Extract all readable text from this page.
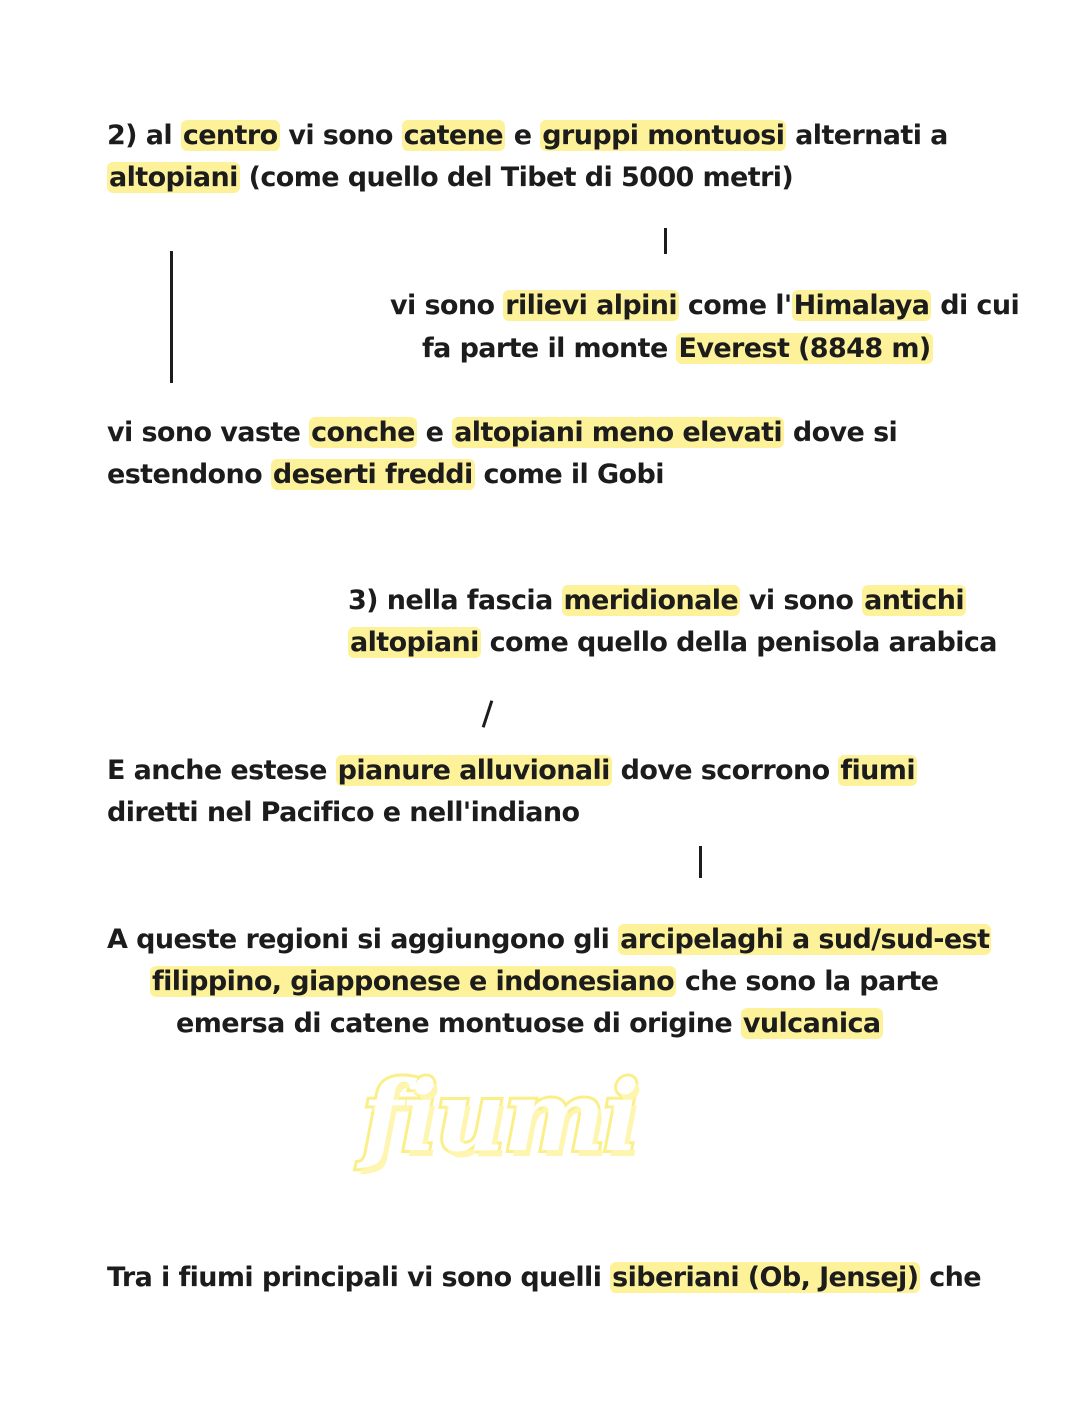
2) al centro vi sono catene e gruppi montuosi alternati a
altopiani (come quello del Tibet di 5000 metri)
vi sono rilievi alpini come l'Himalaya di cui
fa parte il monte Everest (8848 m)
vi sono vaste conche e altopiani meno elevati dove si
estendono deserti freddi come il Gobi
3) nella fascia meridionale vi sono antichi
altopiani come quello della penisola arabica
E anche estese pianure alluvionali dove scorrono fiumi
diretti nel Pacifico e nell'indiano
A queste regioni si aggiungono gli arcipelaghi a sud/sud-est
filippino, giapponese e indonesiano che sono la parte
emersa di catene montuose di origine vulcanica
fiumi
Tra i fiumi principali vi sono quelli siberiani (Ob, Jensej) che
